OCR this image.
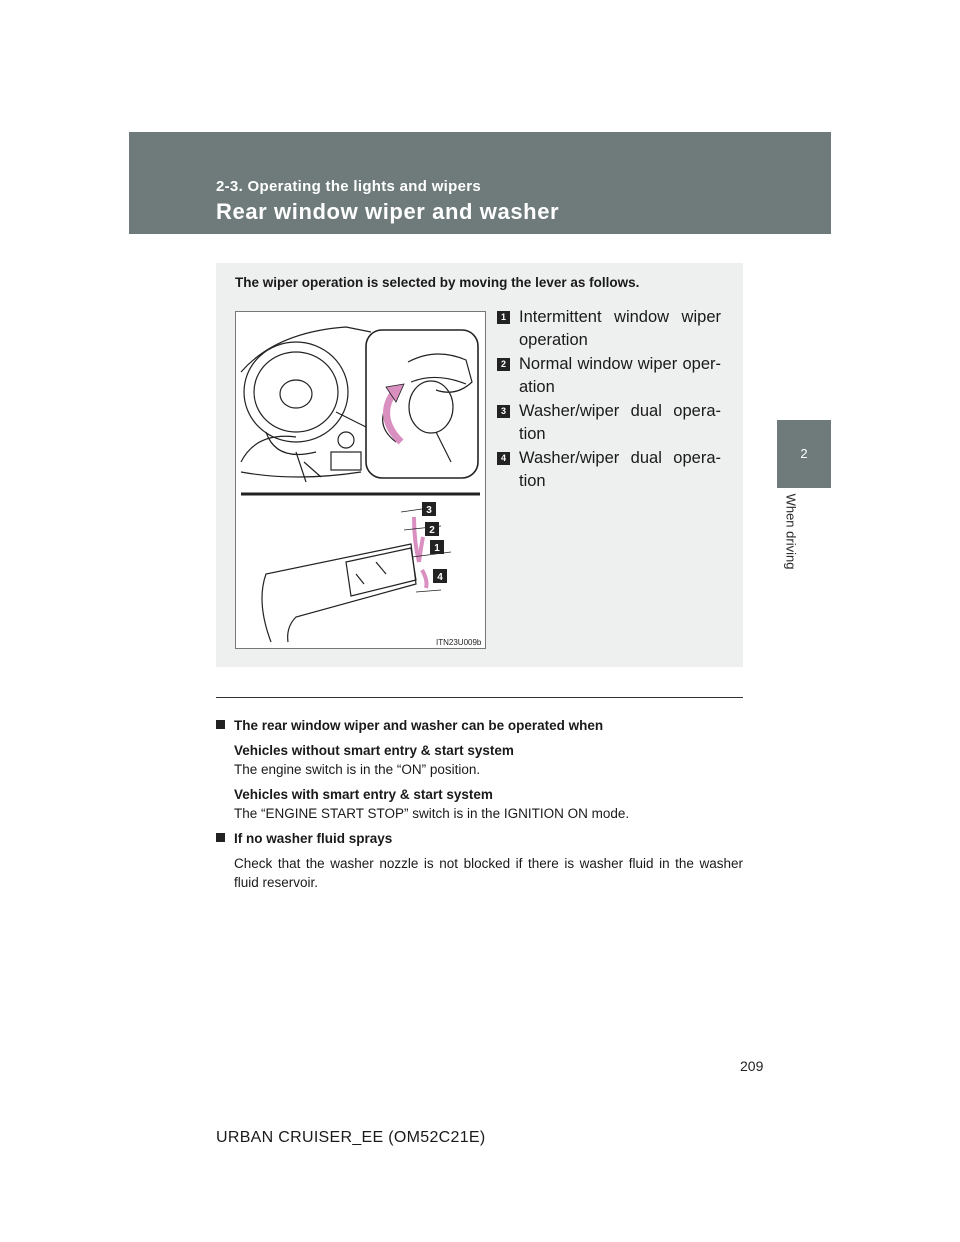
2-3. Operating the lights and wipers
Rear window wiper and washer
2
When driving
The wiper operation is selected by moving the lever as follows.
3
2
1
4
ITN23U009b
1 Intermittent window wiper operation
2 Normal window wiper oper-ation
3 Washer/wiper dual opera-tion
4 Washer/wiper dual opera-tion
The rear window wiper and washer can be operated when
Vehicles without smart entry & start system
The engine switch is in the “ON” position.
Vehicles with smart entry & start system
The “ENGINE START STOP” switch is in the IGNITION ON mode.
If no washer fluid sprays
Check that the washer nozzle is not blocked if there is washer fluid in the washer fluid reservoir.
209
URBAN CRUISER_EE (OM52C21E)
